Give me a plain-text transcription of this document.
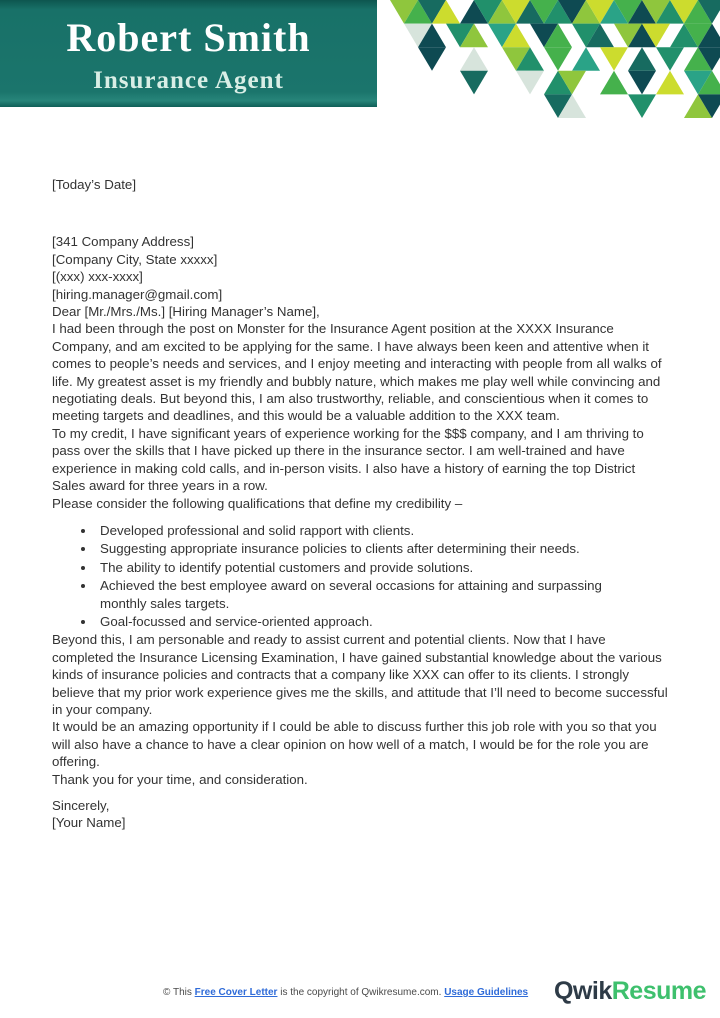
Robert Smith
Insurance Agent

[Today’s Date]

[341 Company Address]

[Company City, State xxxxx]

[(xxx) xxx-xxxx]

[hiring.manager@gmail.com]

Dear [Mr./Mrs./Ms.] [Hiring Manager’s Name],

I had been through the post on Monster for the Insurance Agent position at the XXXX Insurance Company, and am excited to be applying for the same. I have always been keen and attentive when it comes to people’s needs and services, and I enjoy meeting and interacting with people from all walks of life. My greatest asset is my friendly and bubbly nature, which makes me play well while convincing and negotiating deals. But beyond this, I am also trustworthy, reliable, and conscientious when it comes to meeting targets and deadlines, and this would be a valuable addition to the XXX team.

To my credit, I have significant years of experience working for the $$$ company, and I am thriving to pass over the skills that I have picked up there in the insurance sector. I am well-trained and have experience in making cold calls, and in-person visits. I also have a history of earning the top District Sales award for three years in a row.

Please consider the following qualifications that define my credibility –

• Developed professional and solid rapport with clients.
• Suggesting appropriate insurance policies to clients after determining their needs.
• The ability to identify potential customers and provide solutions.
• Achieved the best employee award on several occasions for attaining and surpassing monthly sales targets.
• Goal-focussed and service-oriented approach.

Beyond this, I am personable and ready to assist current and potential clients. Now that I have completed the Insurance Licensing Examination, I have gained substantial knowledge about the various kinds of insurance policies and contracts that a company like XXX can offer to its clients. I strongly believe that my prior work experience gives me the skills, and attitude that I’ll need to become successful in your company.

It would be an amazing opportunity if I could be able to discuss further this job role with you so that you will also have a chance to have a clear opinion on how well of a match, I would be for the role you are offering.

Thank you for your time, and consideration.

Sincerely,

[Your Name]

© This Free Cover Letter is the copyright of Qwikresume.com. Usage Guidelines QwikResume
